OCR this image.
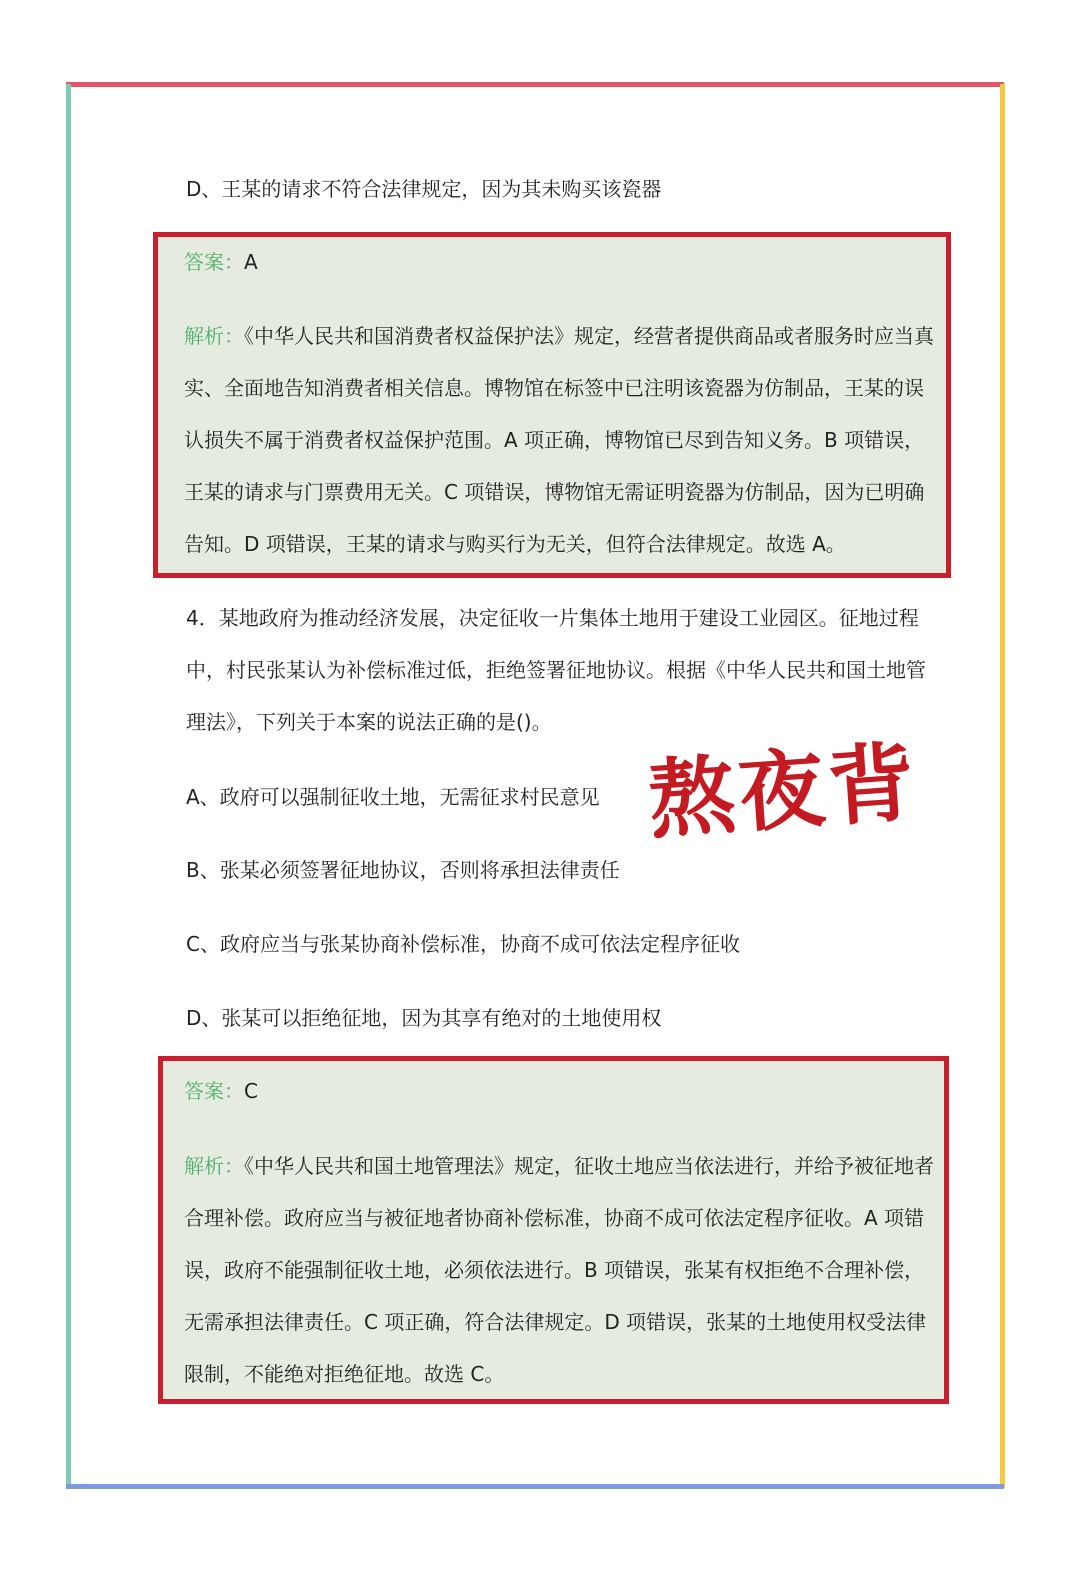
D、王某的请求不符合法律规定，因为其未购买该瓷器
答案：A
解析：《中华人民共和国消费者权益保护法》规定，经营者提供商品或者服务时应当真实、全面地告知消费者相关信息。博物馆在标签中已注明该瓷器为仿制品，王某的误认损失不属于消费者权益保护范围。A 项正确，博物馆已尽到告知义务。B 项错误，王某的请求与门票费用无关。C 项错误，博物馆无需证明瓷器为仿制品，因为已明确告知。D 项错误，王某的请求与购买行为无关，但符合法律规定。故选 A。
4．某地政府为推动经济发展，决定征收一片集体土地用于建设工业园区。征地过程中，村民张某认为补偿标准过低，拒绝签署征地协议。根据《中华人民共和国土地管理法》，下列关于本案的说法正确的是()。
A、政府可以强制征收土地，无需征求村民意见
B、张某必须签署征地协议，否则将承担法律责任
C、政府应当与张某协商补偿标准，协商不成可依法定程序征收
D、张某可以拒绝征地，因为其享有绝对的土地使用权
熬夜背
答案：C
解析：《中华人民共和国土地管理法》规定，征收土地应当依法进行，并给予被征地者合理补偿。政府应当与被征地者协商补偿标准，协商不成可依法定程序征收。A 项错误，政府不能强制征收土地，必须依法进行。B 项错误，张某有权拒绝不合理补偿，无需承担法律责任。C 项正确，符合法律规定。D 项错误，张某的土地使用权受法律限制，不能绝对拒绝征地。故选 C。
